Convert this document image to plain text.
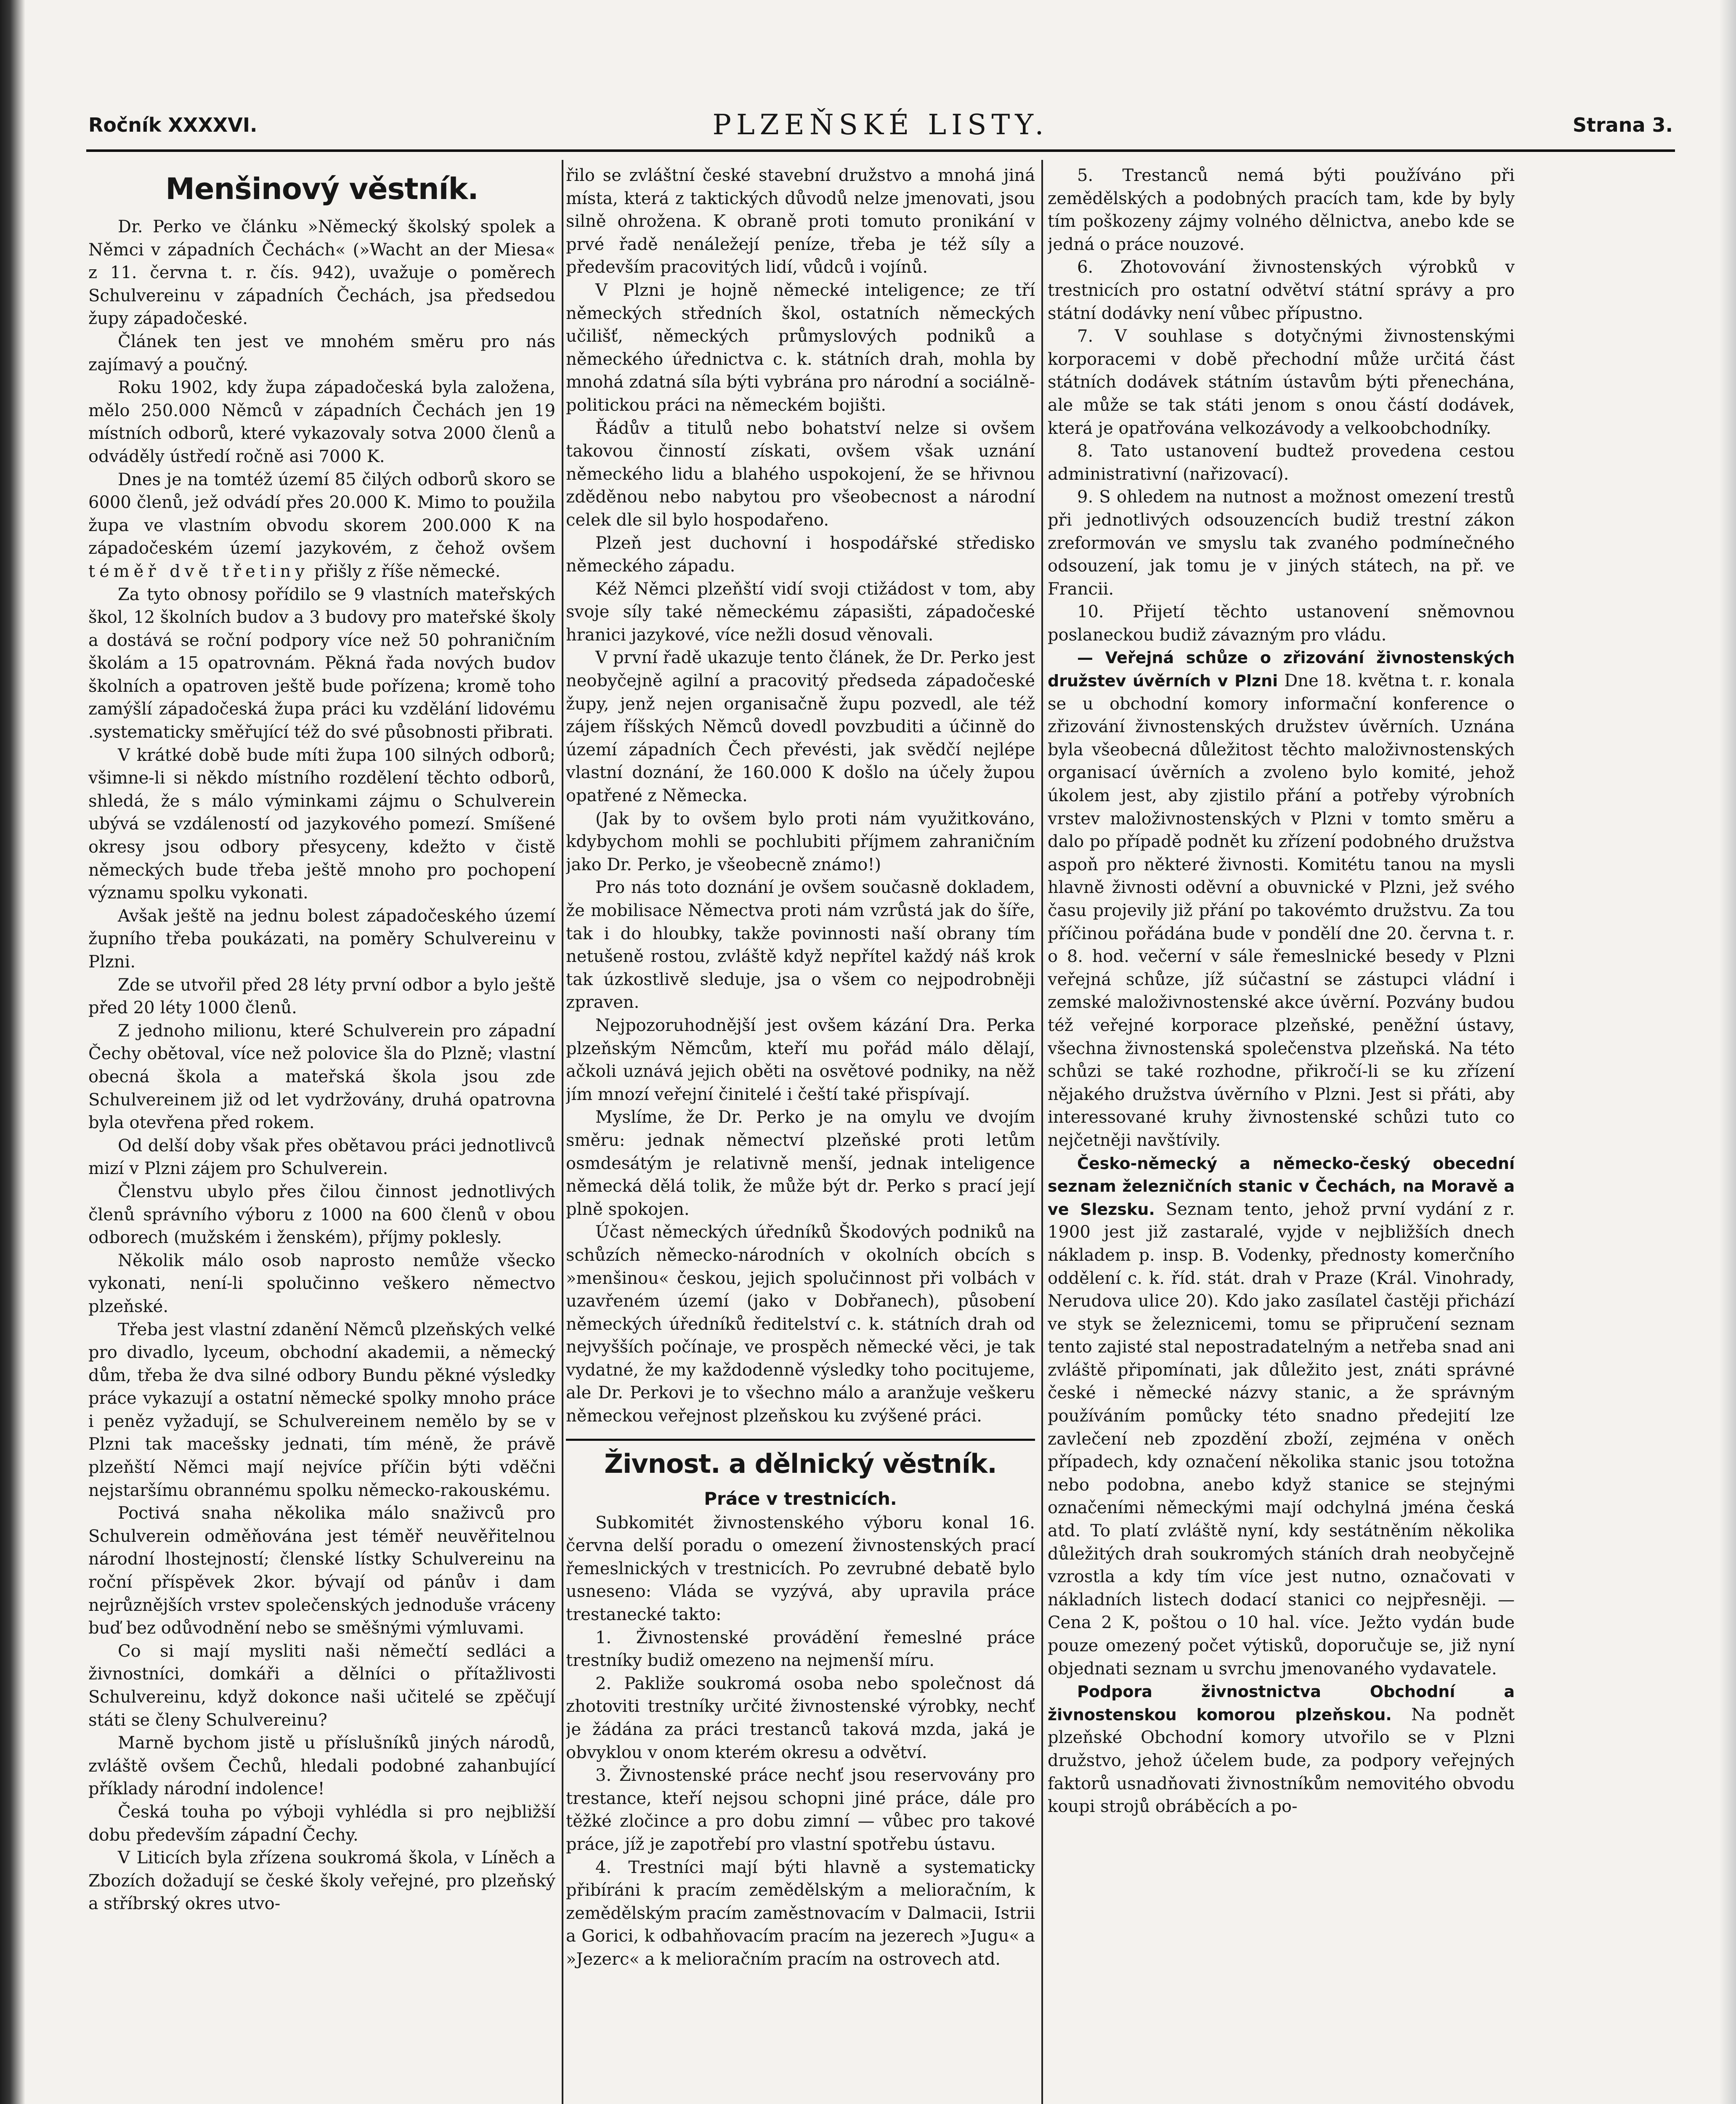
Ročník XXXXVI.	PLZEŇSKÉ LISTY.	Strana 3.
Menšinový věstník.

Dr. Perko ve článku »Německý školský spolek a Němci v západních Čechách« (»Wacht an der Miesa« z 11. června t. r. čís. 942), uvažuje o poměrech Schulvereinu v západních Čechách, jsa předsedou župy západočeské.

Článek ten jest ve mnohém směru pro nás zajímavý a poučný.

Roku 1902, kdy župa západočeská byla založena, mělo 250.000 Němců v západních Čechách jen 19 místních odborů, které vykazovaly sotva 2000 členů a odváděly ústředí ročně asi 7000 K.

Dnes je na tomtéž území 85 čilých odborů skoro se 6000 členů, jež odvádí přes 20.000 K. Mimo to použila župa ve vlastním obvodu skorem 200.000 K na západočeském území jazykovém, z čehož ovšem téměř dvě třetiny přišly z říše německé.

Za tyto obnosy pořídilo se 9 vlastních mateřských škol, 12 školních budov a 3 budovy pro mateřské školy a dostává se roční podpory více než 50 pohraničním školám a 15 opatrovnám. Pěkná řada nových budov školních a opatroven ještě bude pořízena; kromě toho zamýšlí západočeská župa práci ku vzdělání lidovému .systematicky směřující též do své působnosti přibrati.

V krátké době bude míti župa 100 silných odborů; všimne-li si někdo místního rozdělení těchto odborů, shledá, že s málo výminkami zájmu o Schulverein ubývá se vzdáleností od jazykového pomezí. Smíšené okresy jsou odbory přesyceny, kdežto v čistě německých bude třeba ještě mnoho pro pochopení významu spolku vykonati.

Avšak ještě na jednu bolest západočeského území župního třeba poukázati, na poměry Schulvereinu v Plzni.

Zde se utvořil před 28 léty první odbor a bylo ještě před 20 léty 1000 členů.

Z jednoho milionu, které Schulverein pro západní Čechy obětoval, více než polovice šla do Plzně; vlastní obecná škola a mateřská škola jsou zde Schulvereinem již od let vydržovány, druhá opatrovna byla otevřena před rokem.

Od delší doby však přes obětavou práci jednotlivců mizí v Plzni zájem pro Schulverein.

Členstvu ubylo přes čilou činnost jednotlivých členů správního výboru z 1000 na 600 členů v obou odborech (mužském i ženském), příjmy poklesly.

Několik málo osob naprosto nemůže všecko vykonati, není-li spolučinno veškero němectvo plzeňské.

Třeba jest vlastní zdanění Němců plzeňských velké pro divadlo, lyceum, obchodní akademii, a německý dům, třeba že dva silné odbory Bundu pěkné výsledky práce vykazují a ostatní německé spolky mnoho práce i peněz vyžadují, se Schulvereinem nemělo by se v Plzni tak macešsky jednati, tím méně, že právě plzeňští Němci mají nejvíce příčin býti vděčni nejstaršímu obrannému spolku německo-rakouskému.

Poctivá snaha několika málo snaživců pro Schulverein odměňována jest téměř neuvěřitelnou národní lhostejností; členské lístky Schulvereinu na roční příspěvek 2kor. bývají od pánův i dam nejrůznějších vrstev společenských jednoduše vráceny buď bez odůvodnění nebo se směšnými výmluvami.

Co si mají mysliti naši němečtí sedláci a živnostníci, domkáři a dělníci o přítažlivosti Schulvereinu, když dokonce naši učitelé se zpěčují státi se členy Schulvereinu?

Marně bychom jistě u příslušníků jiných národů, zvláště ovšem Čechů, hledali podobné zahanbující příklady národní indolence!

Česká touha po výboji vyhlédla si pro nejbližší dobu především západní Čechy.

V Liticích byla zřízena soukromá škola, v Líněch a Zbozích dožadují se české školy veřejné, pro plzeňský a stříbrský okres utvo-

řilo se zvláštní české stavební družstvo a mnohá jiná místa, která z taktických důvodů nelze jmenovati, jsou silně ohrožena. K obraně proti tomuto pronikání v prvé řadě nenáležejí peníze, třeba je též síly a především pracovitých lidí, vůdců i vojínů.

V Plzni je hojně německé inteligence; ze tří německých středních škol, ostatních německých učilišť, německých průmyslových podniků a německého úřednictva c. k. státních drah, mohla by mnohá zdatná síla býti vybrána pro národní a sociálně-politickou práci na německém bojišti.

Řádův a titulů nebo bohatství nelze si ovšem takovou činností získati, ovšem však uznání německého lidu a blahého uspokojení, že se hřivnou zděděnou nebo nabytou pro všeobecnost a národní celek dle sil bylo hospodařeno.

Plzeň jest duchovní i hospodářské středisko německého západu.

Kéž Němci plzeňští vidí svoji ctižádost v tom, aby svoje síly také německému zápasišti, západočeské hranici jazykové, více nežli dosud věnovali.

V první řadě ukazuje tento článek, že Dr. Perko jest neobyčejně agilní a pracovitý předseda západočeské župy, jenž nejen organisačně župu pozvedl, ale též zájem říšských Němců dovedl povzbuditi a účinně do území západních Čech převésti, jak svědčí nejlépe vlastní doznání, že 160.000 K došlo na účely župou opatřené z Německa.

(Jak by to ovšem bylo proti nám využitkováno, kdybychom mohli se pochlubiti příjmem zahraničním jako Dr. Perko, je všeobecně známo!)

Pro nás toto doznání je ovšem současně dokladem, že mobilisace Němectva proti nám vzrůstá jak do šíře, tak i do hloubky, takže povinnosti naší obrany tím netušeně rostou, zvláště když nepřítel každý náš krok tak úzkostlivě sleduje, jsa o všem co nejpodrobněji zpraven.

Nejpozoruhodnější jest ovšem kázání Dra. Perka plzeňským Němcům, kteří mu pořád málo dělají, ačkoli uznává jejich oběti na osvětové podniky, na něž jím mnozí veřejní činitelé i čeští také přispívají.

Myslíme, že Dr. Perko je na omylu ve dvojím směru: jednak němectví plzeňské proti letům osmdesátým je relativně menší, jednak inteligence německá dělá tolik, že může být dr. Perko s prací její plně spokojen.

Účast německých úředníků Škodových podniků na schůzích německo-národních v okolních obcích s »menšinou« českou, jejich spolučinnost při volbách v uzavřeném území (jako v Dobřanech), působení německých úředníků ředitelství c. k. státních drah od nejvyšších počínaje, ve prospěch německé věci, je tak vydatné, že my každodenně výsledky toho pocitujeme, ale Dr. Perkovi je to všechno málo a aranžuje veškeru německou veřejnost plzeňskou ku zvýšené práci.

Živnost. a dělnický věstník.
Práce v trestnicích.

Subkomitét živnostenského výboru konal 16. června delší poradu o omezení živnostenských prací řemeslnických v trestnicích. Po zevrubné debatě bylo usneseno: Vláda se vyzývá, aby upravila práce trestanecké takto:

1. Živnostenské provádění řemeslné práce trestníky budiž omezeno na nejmenší míru.

2. Pakliže soukromá osoba nebo společnost dá zhotoviti trestníky určité živnostenské výrobky, nechť je žádána za práci trestanců taková mzda, jaká je obvyklou v onom kterém okresu a odvětví.

3. Živnostenské práce nechť jsou reservovány pro trestance, kteří nejsou schopni jiné práce, dále pro těžké zločince a pro dobu zimní — vůbec pro takové práce, jíž je zapotřebí pro vlastní spotřebu ústavu.

4. Trestníci mají býti hlavně a systematicky přibíráni k pracím zemědělským a melioračním, k zemědělským pracím zaměstnovacím v Dalmacii, Istrii a Gorici, k odbahňovacím pracím na jezerech »Jugu« a »Jezerc« a k melioračním pracím na ostrovech atd.

5. Trestanců nemá býti používáno při zemědělských a podobných pracích tam, kde by byly tím poškozeny zájmy volného dělnictva, anebo kde se jedná o práce nouzové.

6. Zhotovování živnostenských výrobků v trestnicích pro ostatní odvětví státní správy a pro státní dodávky není vůbec přípustno.

7. V souhlase s dotyčnými živnostenskými korporacemi v době přechodní může určitá část státních dodávek státním ústavům býti přenechána, ale může se tak státi jenom s onou částí dodávek, která je opatřována velkozávody a velkoobchodníky.

8. Tato ustanovení budtež provedena cestou administrativní (nařizovací).

9. S ohledem na nutnost a možnost omezení trestů při jednotlivých odsouzencích budiž trestní zákon zreformován ve smyslu tak zvaného podmínečného odsouzení, jak tomu je v jiných státech, na př. ve Francii.

10. Přijetí těchto ustanovení sněmovnou poslaneckou budiž závazným pro vládu.

— Veřejná schůze o zřizování živnostenských družstev úvěrních v Plzni Dne 18. května t. r. konala se u obchodní komory informační konference o zřizování živnostenských družstev úvěrních. Uznána byla všeobecná důležitost těchto maloživnostenských organisací úvěrních a zvoleno bylo komité, jehož úkolem jest, aby zjistilo přání a potřeby výrobních vrstev maloživnostenských v Plzni v tomto směru a dalo po případě podnět ku zřízení podobného družstva aspoň pro některé živnosti. Komitétu tanou na mysli hlavně živnosti oděvní a obuvnické v Plzni, jež svého času projevily již přání po takovémto družstvu. Za tou příčinou pořádána bude v pondělí dne 20. června t. r. o 8. hod. večerní v sále řemeslnické besedy v Plzni veřejná schůze, jíž súčastní se zástupci vládní i zemské maloživnostenské akce úvěrní. Pozvány budou též veřejné korporace plzeňské, peněžní ústavy, všechna živnostenská společenstva plzeňská. Na této schůzi se také rozhodne, přikročí-li se ku zřízení nějakého družstva úvěrního v Plzni. Jest si přáti, aby interessované kruhy živnostenské schůzi tuto co nejčetněji navštívily.

Česko-německý a německo-český obecední seznam železničních stanic v Čechách, na Moravě a ve Slezsku. Seznam tento, jehož první vydání z r. 1900 jest již zastaralé, vyjde v nejbližších dnech nákladem p. insp. B. Vodenky, přednosty komerčního oddělení c. k. říd. stát. drah v Praze (Král. Vinohrady, Nerudova ulice 20). Kdo jako zasílatel častěji přichází ve styk se železnicemi, tomu se připručení seznam tento zajisté stal nepostradatelným a netřeba snad ani zvláště připomínati, jak důležito jest, znáti správné české i německé názvy stanic, a že správným používáním pomůcky této snadno předejití lze zavlečení neb zpozdění zboží, zejména v oněch případech, kdy označení několika stanic jsou totožna nebo podobna, anebo když stanice se stejnými označeními německými mají odchylná jména česká atd. To platí zvláště nyní, kdy sestátněním několika důležitých drah soukromých stáních drah neobyčejně vzrostla a kdy tím více jest nutno, označovati v nákladních listech dodací stanici co nejpřesněji. — Cena 2 K, poštou o 10 hal. více. Ježto vydán bude pouze omezený počet výtisků, doporučuje se, již nyní objednati seznam u svrchu jmenovaného vydavatele.

Podpora živnostnictva Obchodní a živnostenskou komorou plzeňskou. Na podnět plzeňské Obchodní komory utvořilo se v Plzni družstvo, jehož účelem bude, za podpory veřejných faktorů usnadňovati živnostníkům nemovitého obvodu koupi strojů obráběcích a po-
